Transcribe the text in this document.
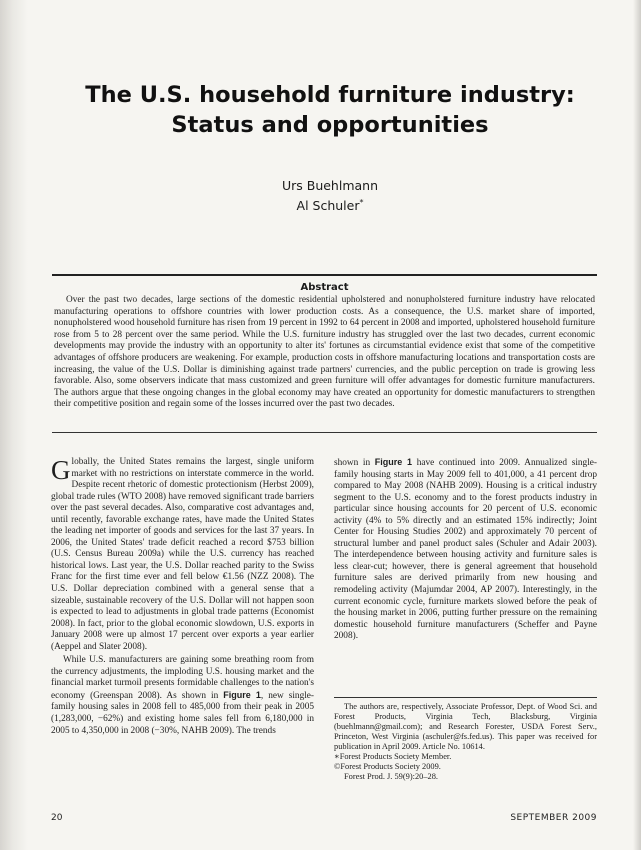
The U.S. household furniture industry: Status and opportunities
Urs Buehlmann
Al Schuler*
Abstract

Over the past two decades, large sections of the domestic residential upholstered and nonupholstered furniture industry have relocated manufacturing operations to offshore countries with lower production costs. As a consequence, the U.S. market share of imported, nonupholstered wood household furniture has risen from 19 percent in 1992 to 64 percent in 2008 and imported, upholstered household furniture rose from 5 to 28 percent over the same period. While the U.S. furniture industry has struggled over the last two decades, current economic developments may provide the industry with an opportunity to alter its' fortunes as circumstantial evidence exist that some of the competitive advantages of offshore producers are weakening. For example, production costs in offshore manufacturing locations and transportation costs are increasing, the value of the U.S. Dollar is diminishing against trade partners' currencies, and the public perception on trade is growing less favorable. Also, some observers indicate that mass customized and green furniture will offer advantages for domestic furniture manufacturers. The authors argue that these ongoing changes in the global economy may have created an opportunity for domestic manufacturers to strengthen their competitive position and regain some of the losses incurred over the past two decades.

Globally, the United States remains the largest, single uniform market with no restrictions on interstate commerce in the world. Despite recent rhetoric of domestic protectionism (Herbst 2009), global trade rules (WTO 2008) have removed significant trade barriers over the past several decades. Also, comparative cost advantages and, until recently, favorable exchange rates, have made the United States the leading net importer of goods and services for the last 37 years. In 2006, the United States' trade deficit reached a record $753 billion (U.S. Census Bureau 2009a) while the U.S. currency has reached historical lows. Last year, the U.S. Dollar reached parity to the Swiss Franc for the first time ever and fell below €1.56 (NZZ 2008). The U.S. Dollar depreciation combined with a general sense that a sizeable, sustainable recovery of the U.S. Dollar will not happen soon is expected to lead to adjustments in global trade patterns (Economist 2008). In fact, prior to the global economic slowdown, U.S. exports in January 2008 were up almost 17 percent over exports a year earlier (Aeppel and Slater 2008).

While U.S. manufacturers are gaining some breathing room from the currency adjustments, the imploding U.S. housing market and the financial market turmoil presents formidable challenges to the nation's economy (Greenspan 2008). As shown in Figure 1, new single-family housing sales in 2008 fell to 485,000 from their peak in 2005 (1,283,000, −62%) and existing home sales fell from 6,180,000 in 2005 to 4,350,000 in 2008 (−30%, NAHB 2009). The trends

shown in Figure 1 have continued into 2009. Annualized single-family housing starts in May 2009 fell to 401,000, a 41 percent drop compared to May 2008 (NAHB 2009). Housing is a critical industry segment to the U.S. economy and to the forest products industry in particular since housing accounts for 20 percent of U.S. economic activity (4% to 5% directly and an estimated 15% indirectly; Joint Center for Housing Studies 2002) and approximately 70 percent of structural lumber and panel product sales (Schuler and Adair 2003). The interdependence between housing activity and furniture sales is less clear-cut; however, there is general agreement that household furniture sales are derived primarily from new housing and remodeling activity (Majumdar 2004, AP 2007). Interestingly, in the current economic cycle, furniture markets slowed before the peak of the housing market in 2006, putting further pressure on the remaining domestic household furniture manufacturers (Scheffer and Payne 2008).

The authors are, respectively, Associate Professor, Dept. of Wood Sci. and Forest Products, Virginia Tech, Blacksburg, Virginia (buehlmann@gmail.com); and Research Forester, USDA Forest Serv., Princeton, West Virginia (aschuler@fs.fed.us). This paper was received for publication in April 2009. Article No. 10614.

∗Forest Products Society Member.

©Forest Products Society 2009.

Forest Prod. J. 59(9):20–28.

20	SEPTEMBER 2009
